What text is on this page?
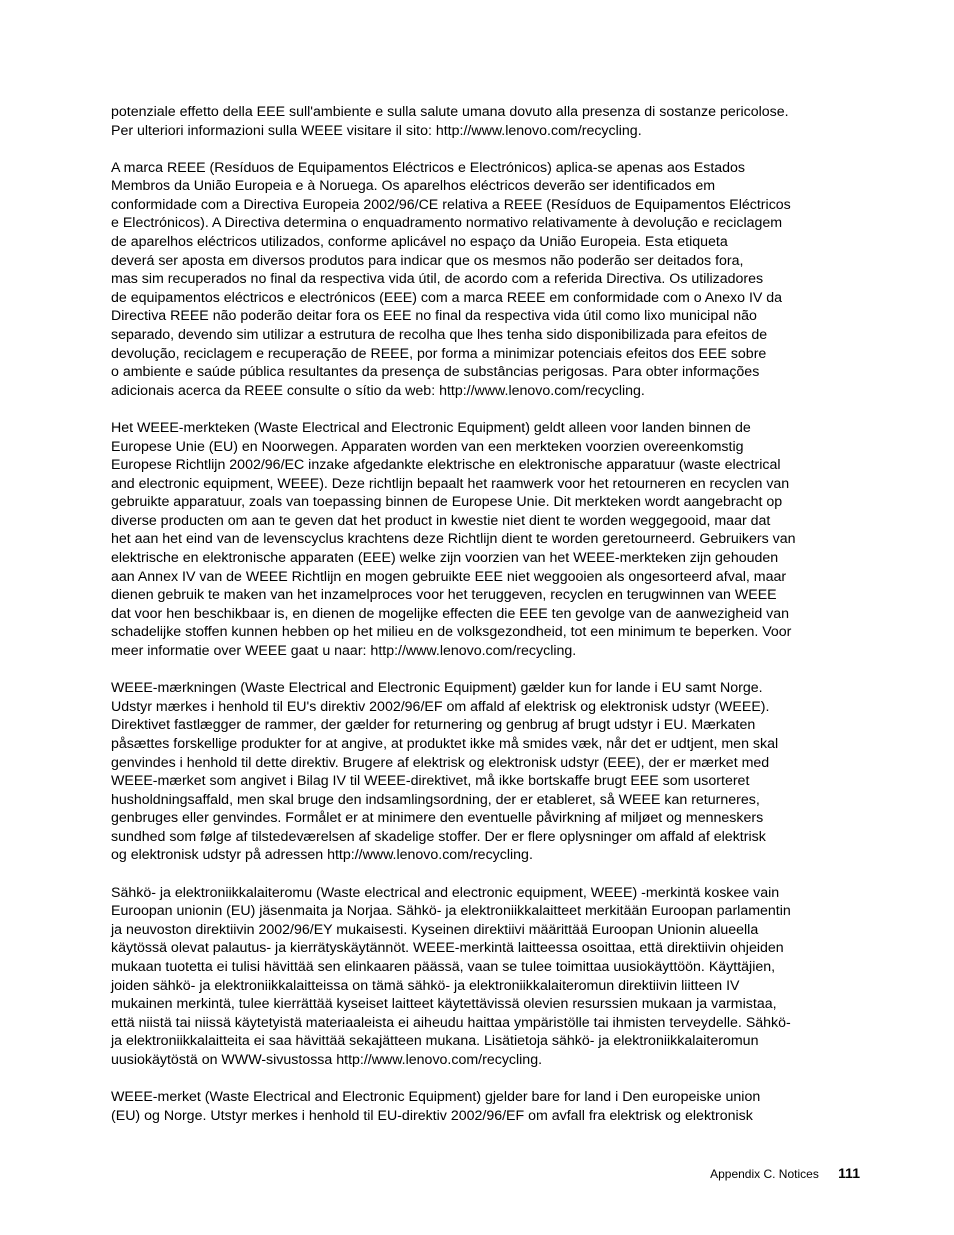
potenziale effetto della EEE sull'ambiente e sulla salute umana dovuto alla presenza di sostanze pericolose.
Per ulteriori informazioni sulla WEEE visitare il sito: http://www.lenovo.com/recycling.
A marca REEE (Resíduos de Equipamentos Eléctricos e Electrónicos) aplica-se apenas aos Estados
Membros da União Europeia e à Noruega. Os aparelhos eléctricos deverão ser identificados em
conformidade com a Directiva Europeia 2002/96/CE relativa a REEE (Resíduos de Equipamentos Eléctricos
e Electrónicos). A Directiva determina o enquadramento normativo relativamente à devolução e reciclagem
de aparelhos eléctricos utilizados, conforme aplicável no espaço da União Europeia. Esta etiqueta
deverá ser aposta em diversos produtos para indicar que os mesmos não poderão ser deitados fora,
mas sim recuperados no final da respectiva vida útil, de acordo com a referida Directiva. Os utilizadores
de equipamentos eléctricos e electrónicos (EEE) com a marca REEE em conformidade com o Anexo IV da
Directiva REEE não poderão deitar fora os EEE no final da respectiva vida útil como lixo municipal não
separado, devendo sim utilizar a estrutura de recolha que lhes tenha sido disponibilizada para efeitos de
devolução, reciclagem e recuperação de REEE, por forma a minimizar potenciais efeitos dos EEE sobre
o ambiente e saúde pública resultantes da presença de substâncias perigosas. Para obter informações
adicionais acerca da REEE consulte o sítio da web: http://www.lenovo.com/recycling.
Het WEEE-merkteken (Waste Electrical and Electronic Equipment) geldt alleen voor landen binnen de
Europese Unie (EU) en Noorwegen. Apparaten worden van een merkteken voorzien overeenkomstig
Europese Richtlijn 2002/96/EC inzake afgedankte elektrische en elektronische apparatuur (waste electrical
and electronic equipment, WEEE). Deze richtlijn bepaalt het raamwerk voor het retourneren en recyclen van
gebruikte apparatuur, zoals van toepassing binnen de Europese Unie. Dit merkteken wordt aangebracht op
diverse producten om aan te geven dat het product in kwestie niet dient te worden weggegooid, maar dat
het aan het eind van de levenscyclus krachtens deze Richtlijn dient te worden geretourneerd. Gebruikers van
elektrische en elektronische apparaten (EEE) welke zijn voorzien van het WEEE-merkteken zijn gehouden
aan Annex IV van de WEEE Richtlijn en mogen gebruikte EEE niet weggooien als ongesorteerd afval, maar
dienen gebruik te maken van het inzamelproces voor het teruggeven, recyclen en terugwinnen van WEEE
dat voor hen beschikbaar is, en dienen de mogelijke effecten die EEE ten gevolge van de aanwezigheid van
schadelijke stoffen kunnen hebben op het milieu en de volksgezondheid, tot een minimum te beperken. Voor
meer informatie over WEEE gaat u naar: http://www.lenovo.com/recycling.
WEEE-mærkningen (Waste Electrical and Electronic Equipment) gælder kun for lande i EU samt Norge.
Udstyr mærkes i henhold til EU's direktiv 2002/96/EF om affald af elektrisk og elektronisk udstyr (WEEE).
Direktivet fastlægger de rammer, der gælder for returnering og genbrug af brugt udstyr i EU. Mærkaten
påsættes forskellige produkter for at angive, at produktet ikke må smides væk, når det er udtjent, men skal
genvindes i henhold til dette direktiv. Brugere af elektrisk og elektronisk udstyr (EEE), der er mærket med
WEEE-mærket som angivet i Bilag IV til WEEE-direktivet, må ikke bortskaffe brugt EEE som usorteret
husholdningsaffald, men skal bruge den indsamlingsordning, der er etableret, så WEEE kan returneres,
genbruges eller genvindes. Formålet er at minimere den eventuelle påvirkning af miljøet og menneskers
sundhed som følge af tilstedeværelsen af skadelige stoffer. Der er flere oplysninger om affald af elektrisk
og elektronisk udstyr på adressen http://www.lenovo.com/recycling.
Sähkö- ja elektroniikkalaiteromu (Waste electrical and electronic equipment, WEEE) -merkintä koskee vain
Euroopan unionin (EU) jäsenmaita ja Norjaa. Sähkö- ja elektroniikkalaitteet merkitään Euroopan parlamentin
ja neuvoston direktiivin 2002/96/EY mukaisesti. Kyseinen direktiivi määrittää Euroopan Unionin alueella
käytössä olevat palautus- ja kierrätyskäytännöt. WEEE-merkintä laitteessa osoittaa, että direktiivin ohjeiden
mukaan tuotetta ei tulisi hävittää sen elinkaaren päässä, vaan se tulee toimittaa uusiokäyttöön. Käyttäjien,
joiden sähkö- ja elektroniikkalaitteissa on tämä sähkö- ja elektroniikkalaiteromun direktiivin liitteen IV
mukainen merkintä, tulee kierrättää kyseiset laitteet käytettävissä olevien resurssien mukaan ja varmistaa,
että niistä tai niissä käytetyistä materiaaleista ei aiheudu haittaa ympäristölle tai ihmisten terveydelle. Sähkö-
ja elektroniikkalaitteita ei saa hävittää sekajätteen mukana. Lisätietoja sähkö- ja elektroniikkalaiteromun
uusiokäytöstä on WWW-sivustossa http://www.lenovo.com/recycling.
WEEE-merket (Waste Electrical and Electronic Equipment) gjelder bare for land i Den europeiske union
(EU) og Norge. Utstyr merkes i henhold til EU-direktiv 2002/96/EF om avfall fra elektrisk og elektronisk
Appendix C. Notices 111
